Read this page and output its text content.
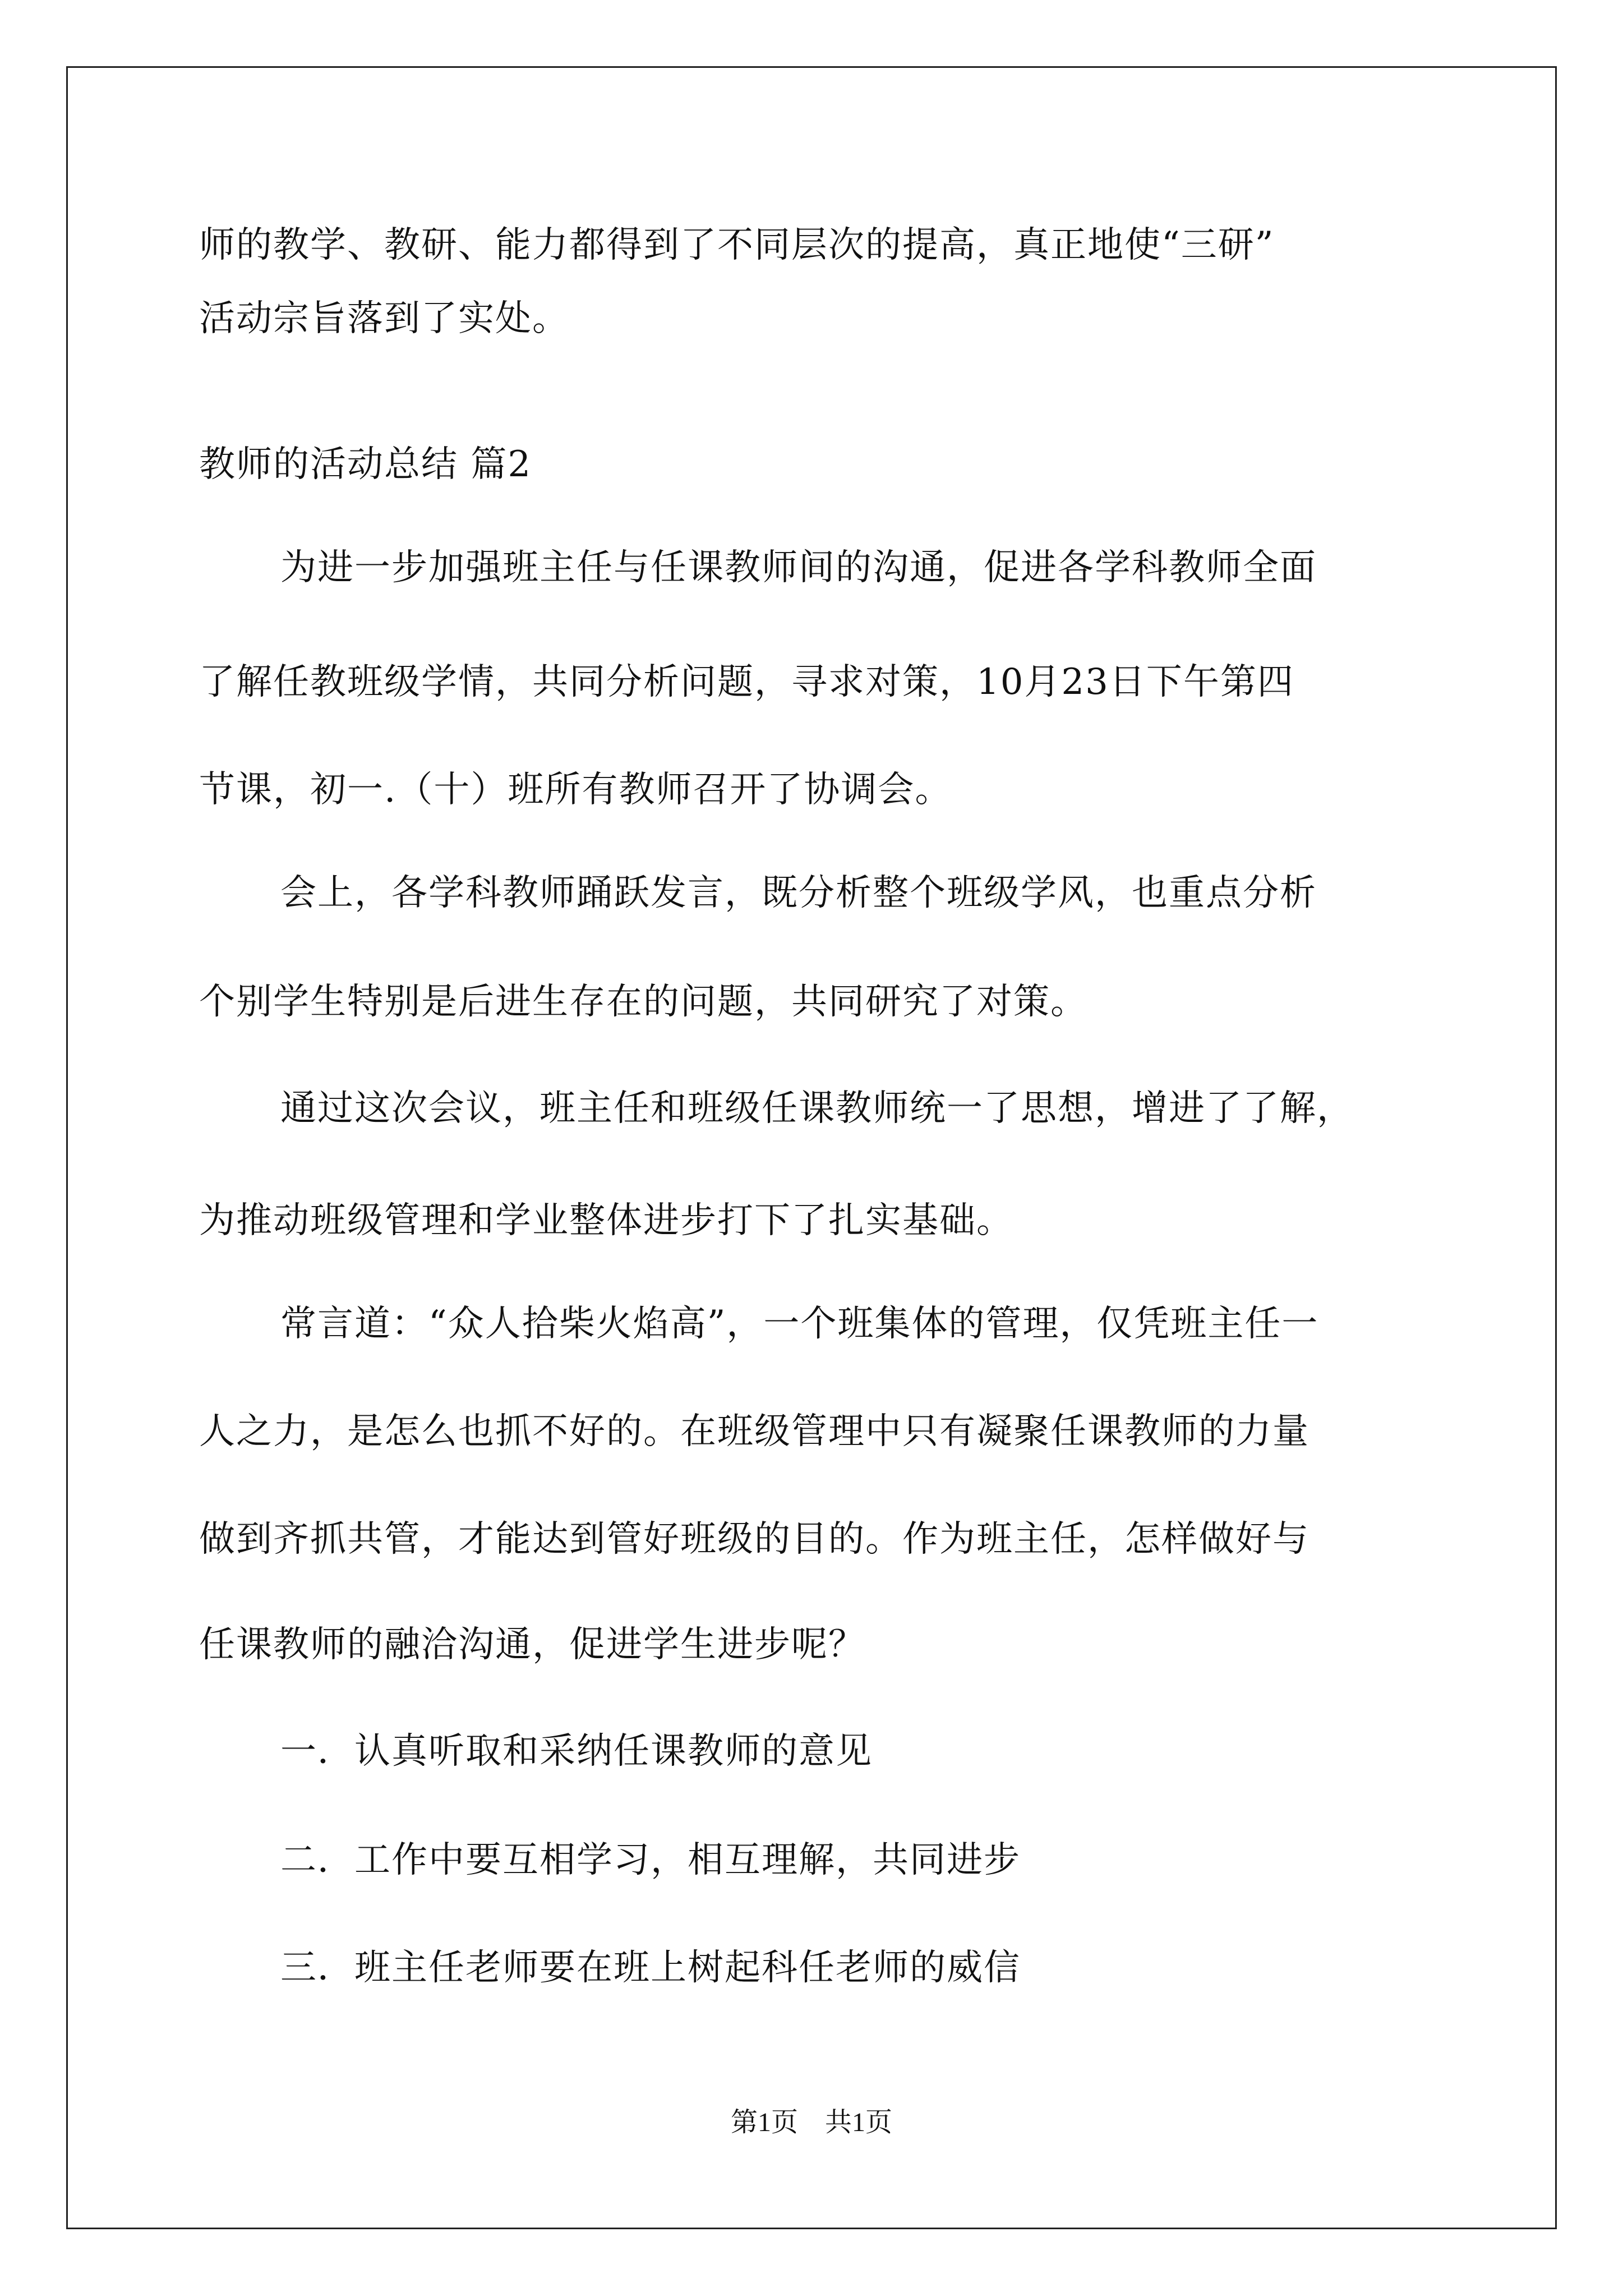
师的教学、教研、能力都得到了不同层次的提高，真正地使“三研”
活动宗旨落到了实处。
教师的活动总结 篇2
为进一步加强班主任与任课教师间的沟通，促进各学科教师全面
了解任教班级学情，共同分析问题，寻求对策，10月23日下午第四
节课，初一.（十）班所有教师召开了协调会。
会上，各学科教师踊跃发言，既分析整个班级学风，也重点分析
个别学生特别是后进生存在的问题，共同研究了对策。
通过这次会议，班主任和班级任课教师统一了思想，增进了了解，
为推动班级管理和学业整体进步打下了扎实基础。
常言道：“众人拾柴火焰高”，一个班集体的管理，仅凭班主任一
人之力，是怎么也抓不好的。在班级管理中只有凝聚任课教师的力量
做到齐抓共管，才能达到管好班级的目的。作为班主任，怎样做好与
任课教师的融洽沟通，促进学生进步呢？
一．认真听取和采纳任课教师的意见
二．工作中要互相学习，相互理解，共同进步
三．班主任老师要在班上树起科任老师的威信
第1页 共1页
